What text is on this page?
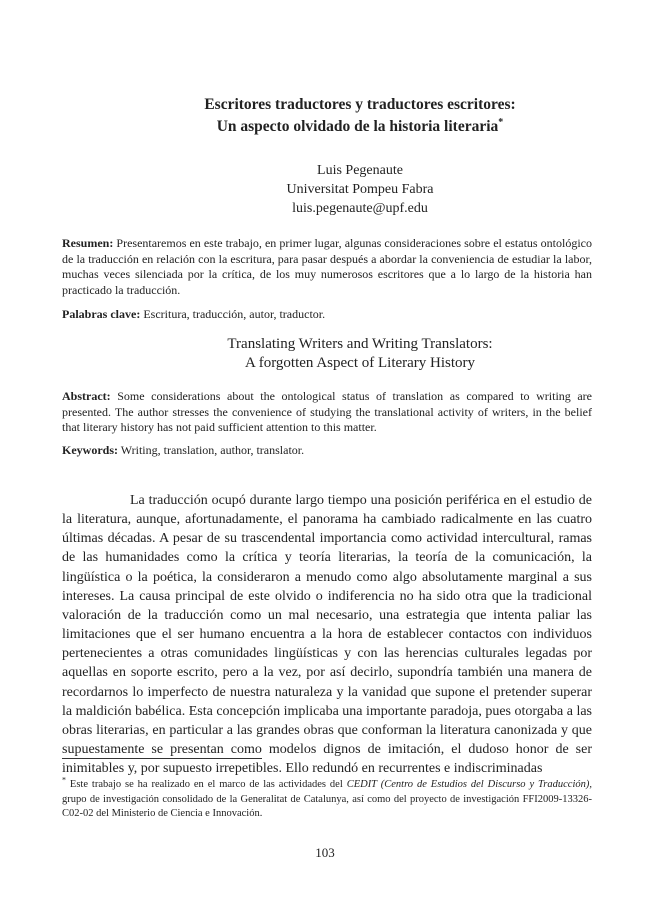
Escritores traductores y traductores escritores:
Un aspecto olvidado de la historia literaria*
Luis Pegenaute
Universitat Pompeu Fabra
luis.pegenaute@upf.edu
Resumen: Presentaremos en este trabajo, en primer lugar, algunas consideraciones sobre el estatus ontológico de la traducción en relación con la escritura, para pasar después a abordar la conveniencia de estudiar la labor, muchas veces silenciada por la crítica, de los muy numerosos escritores que a lo largo de la historia han practicado la traducción.
Palabras clave: Escritura, traducción, autor, traductor.
Translating Writers and Writing Translators:
A forgotten Aspect of Literary History
Abstract: Some considerations about the ontological status of translation as compared to writing are presented. The author stresses the convenience of studying the translational activity of writers, in the belief that literary history has not paid sufficient attention to this matter.
Keywords: Writing, translation, author, translator.

La traducción ocupó durante largo tiempo una posición periférica en el estudio de la literatura, aunque, afortunadamente, el panorama ha cambiado radicalmente en las cuatro últimas décadas. A pesar de su trascendental importancia como actividad intercultural, ramas de las humanidades como la crítica y teoría literarias, la teoría de la comunicación, la lingüística o la poética, la consideraron a menudo como algo absolutamente marginal a sus intereses. La causa principal de este olvido o indiferencia no ha sido otra que la tradicional valoración de la traducción como un mal necesario, una estrategia que intenta paliar las limitaciones que el ser humano encuentra a la hora de establecer contactos con individuos pertenecientes a otras comunidades lingüísticas y con las herencias culturales legadas por aquellas en soporte escrito, pero a la vez, por así decirlo, supondría también una manera de recordarnos lo imperfecto de nuestra naturaleza y la vanidad que supone el pretender superar la maldición babélica. Esta concepción implicaba una importante paradoja, pues otorgaba a las obras literarias, en particular a las grandes obras que conforman la literatura canonizada y que supuestamente se presentan como modelos dignos de imitación, el dudoso honor de ser inimitables y, por supuesto irrepetibles. Ello redundó en recurrentes e indiscriminadas

* Este trabajo se ha realizado en el marco de las actividades del CEDIT (Centro de Estudios del Discurso y Traducción), grupo de investigación consolidado de la Generalitat de Catalunya, así como del proyecto de investigación FFI2009-13326-C02-02 del Ministerio de Ciencia e Innovación.
103
